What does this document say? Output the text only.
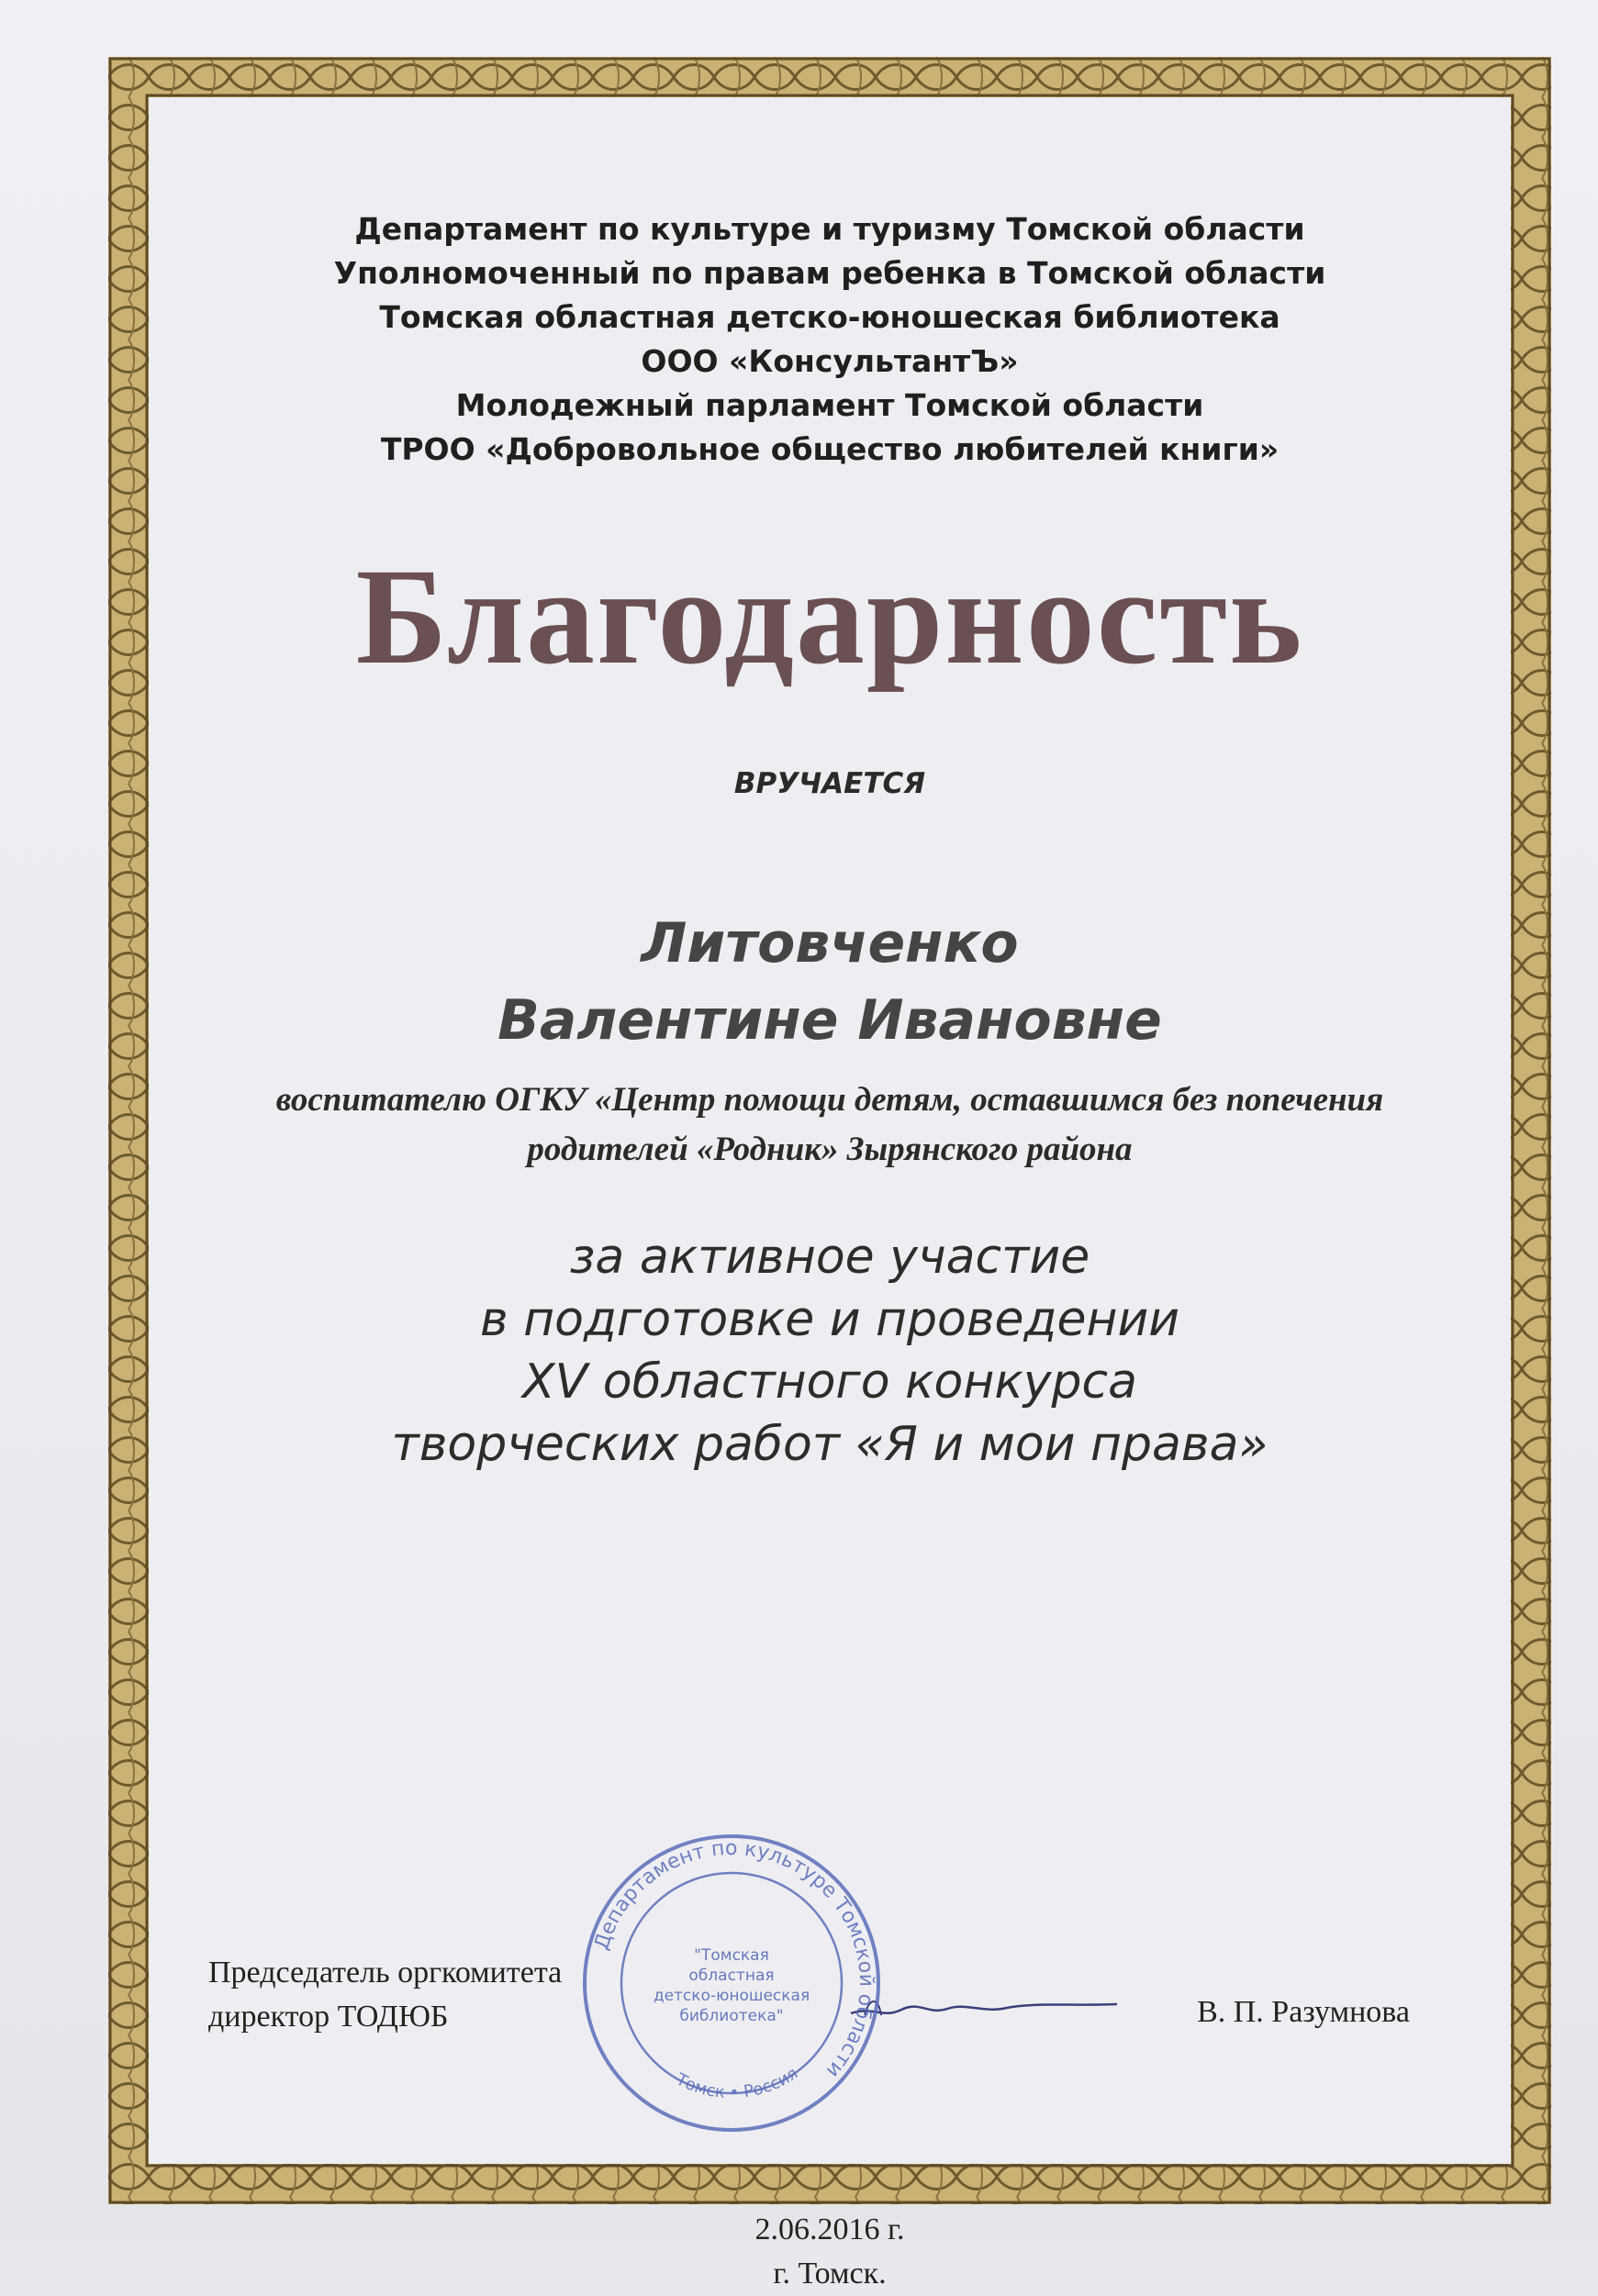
Департамент по культуре и туризму Томской области
Уполномоченный по правам ребенка в Томской области
Томская областная детско-юношеская библиотека
ООО «КонсультантЪ»
Молодежный парламент Томской области
ТРОО «Добровольное общество любителей книги»
Благодарность
ВРУЧАЕТСЯ
Литовченко
Валентине Ивановне
воспитателю ОГКУ «Центр помощи детям, оставшимся без попечения
родителей «Родник» Зырянского района
за активное участие
в подготовке и проведении
XV областного конкурса
творческих работ «Я и мои права»
Председатель оргкомитета
директор ТОДЮБ	В. П. Разумнова
Департамент по культуре Томской области
Томск • Россия
"Томская
областная
детско-юношеская
библиотека"
2.06.2016 г.
г. Томск.
